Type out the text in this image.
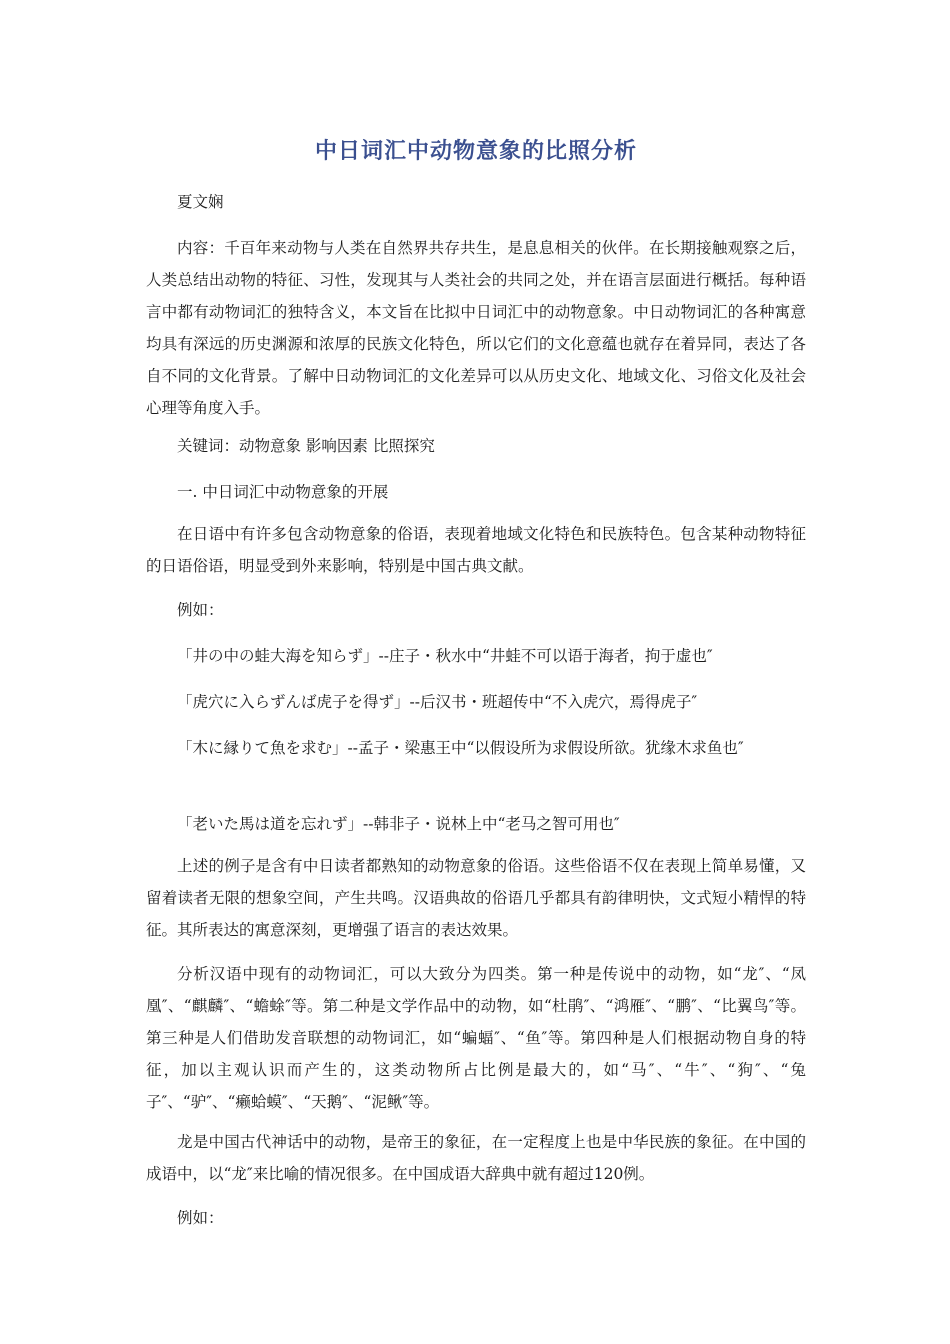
中日词汇中动物意象的比照分析

夏文娴

内容：千百年来动物与人类在自然界共存共生，是息息相关的伙伴。在长期接触观察之后，人类总结出动物的特征、习性，发现其与人类社会的共同之处，并在语言层面进行概括。每种语言中都有动物词汇的独特含义，本文旨在比拟中日词汇中的动物意象。中日动物词汇的各种寓意均具有深远的历史渊源和浓厚的民族文化特色，所以它们的文化意蕴也就存在着异同，表达了各自不同的文化背景。了解中日动物词汇的文化差异可以从历史文化、地域文化、习俗文化及社会心理等角度入手。

关键词：动物意象 影响因素 比照探究

一. 中日词汇中动物意象的开展

在日语中有许多包含动物意象的俗语，表现着地域文化特色和民族特色。包含某种动物特征的日语俗语，明显受到外来影响，特别是中国古典文献。

例如：

「井の中の蛙大海を知らず」--庄子・秋水中“井蛙不可以语于海者，拘于虚也″

「虎穴に入らずんば虎子を得ず」--后汉书・班超传中“不入虎穴，焉得虎子″

「木に縁りて魚を求む」--孟子・梁惠王中“以假设所为求假设所欲。犹缘木求鱼也″

「老いた馬は道を忘れず」--韩非子・说林上中“老马之智可用也″

上述的例子是含有中日读者都熟知的动物意象的俗语。这些俗语不仅在表现上简单易懂，又留着读者无限的想象空间，产生共鸣。汉语典故的俗语几乎都具有韵律明快，文式短小精悍的特征。其所表达的寓意深刻，更增强了语言的表达效果。

分析汉语中现有的动物词汇，可以大致分为四类。第一种是传说中的动物，如“龙″、“凤凰″、“麒麟″、“蟾蜍″等。第二种是文学作品中的动物，如“杜鹃″、“鸿雁″、“鹏″、“比翼鸟″等。第三种是人们借助发音联想的动物词汇，如“蝙蝠″、“鱼″等。第四种是人们根据动物自身的特征，加以主观认识而产生的，这类动物所占比例是最大的，如“马″、“牛″、“狗″、“兔子″、“驴″、“癞蛤蟆″、“天鹅″、“泥鳅″等。

龙是中国古代神话中的动物，是帝王的象征，在一定程度上也是中华民族的象征。在中国的成语中，以“龙″来比喻的情况很多。在中国成语大辞典中就有超过120例。

例如：
